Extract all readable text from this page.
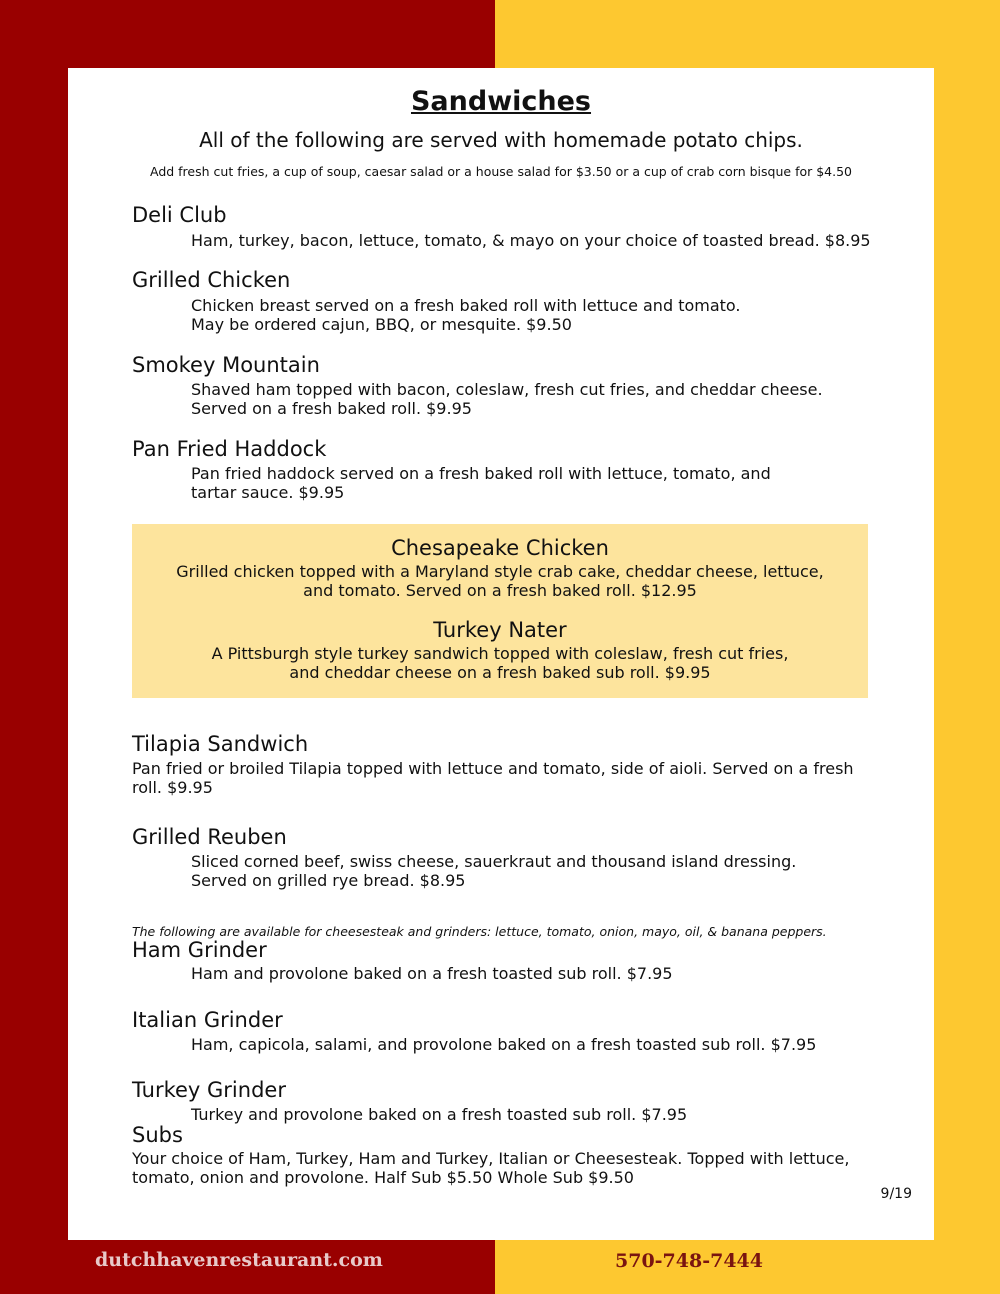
Sandwiches
All of the following are served with homemade potato chips.
Add fresh cut fries, a cup of soup, caesar salad or a house salad for $3.50 or a cup of crab corn bisque for $4.50
Deli Club
Ham, turkey, bacon, lettuce, tomato, & mayo on your choice of toasted bread. $8.95
Grilled Chicken
Chicken breast served on a fresh baked roll with lettuce and tomato.
May be ordered cajun, BBQ, or mesquite. $9.50
Smokey Mountain
Shaved ham topped with bacon, coleslaw, fresh cut fries, and cheddar cheese.
Served on a fresh baked roll. $9.95
Pan Fried Haddock
Pan fried haddock served on a fresh baked roll with lettuce, tomato, and
tartar sauce. $9.95
Chesapeake Chicken
Grilled chicken topped with a Maryland style crab cake, cheddar cheese, lettuce,
and tomato. Served on a fresh baked roll. $12.95
Turkey Nater
A Pittsburgh style turkey sandwich topped with coleslaw, fresh cut fries,
and cheddar cheese on a fresh baked sub roll. $9.95
Tilapia Sandwich
Pan fried or broiled Tilapia topped with lettuce and tomato, side of aioli. Served on a fresh
roll. $9.95
Grilled Reuben
Sliced corned beef, swiss cheese, sauerkraut and thousand island dressing.
Served on grilled rye bread. $8.95
The following are available for cheesesteak and grinders: lettuce, tomato, onion, mayo, oil, & banana peppers.
Ham Grinder
Ham and provolone baked on a fresh toasted sub roll. $7.95
Italian Grinder
Ham, capicola, salami, and provolone baked on a fresh toasted sub roll. $7.95
Turkey Grinder
Turkey and provolone baked on a fresh toasted sub roll. $7.95
Subs
Your choice of Ham, Turkey, Ham and Turkey, Italian or Cheesesteak. Topped with lettuce,
tomato, onion and provolone. Half Sub $5.50 Whole Sub $9.50
9/19
dutchhavenrestaurant.com	570-748-7444
